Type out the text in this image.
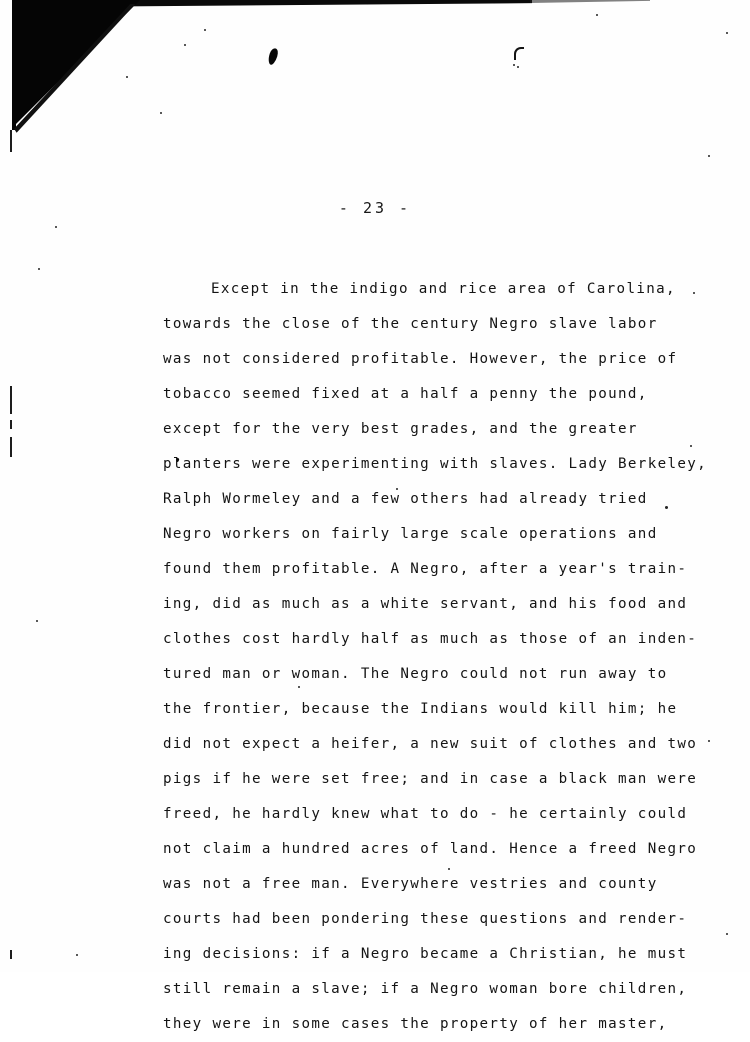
- 23 -
Except in the indigo and rice area of Carolina,
towards the close of the century Negro slave labor
was not considered profitable. However, the price of
tobacco seemed fixed at a half a penny the pound,
except for the very best grades, and the greater
planters were experimenting with slaves. Lady Berkeley,
Ralph Wormeley and a few others had already tried
Negro workers on fairly large scale operations and
found them profitable. A Negro, after a year's train-
ing, did as much as a white servant, and his food and
clothes cost hardly half as much as those of an inden-
tured man or woman. The Negro could not run away to
the frontier, because the Indians would kill him; he
did not expect a heifer, a new suit of clothes and two
pigs if he were set free; and in case a black man were
freed, he hardly knew what to do - he certainly could
not claim a hundred acres of land. Hence a freed Negro
was not a free man. Everywhere vestries and county
courts had been pondering these questions and render-
ing decisions: if a Negro became a Christian, he must
still remain a slave; if a Negro woman bore children,
they were in some cases the property of her master,
